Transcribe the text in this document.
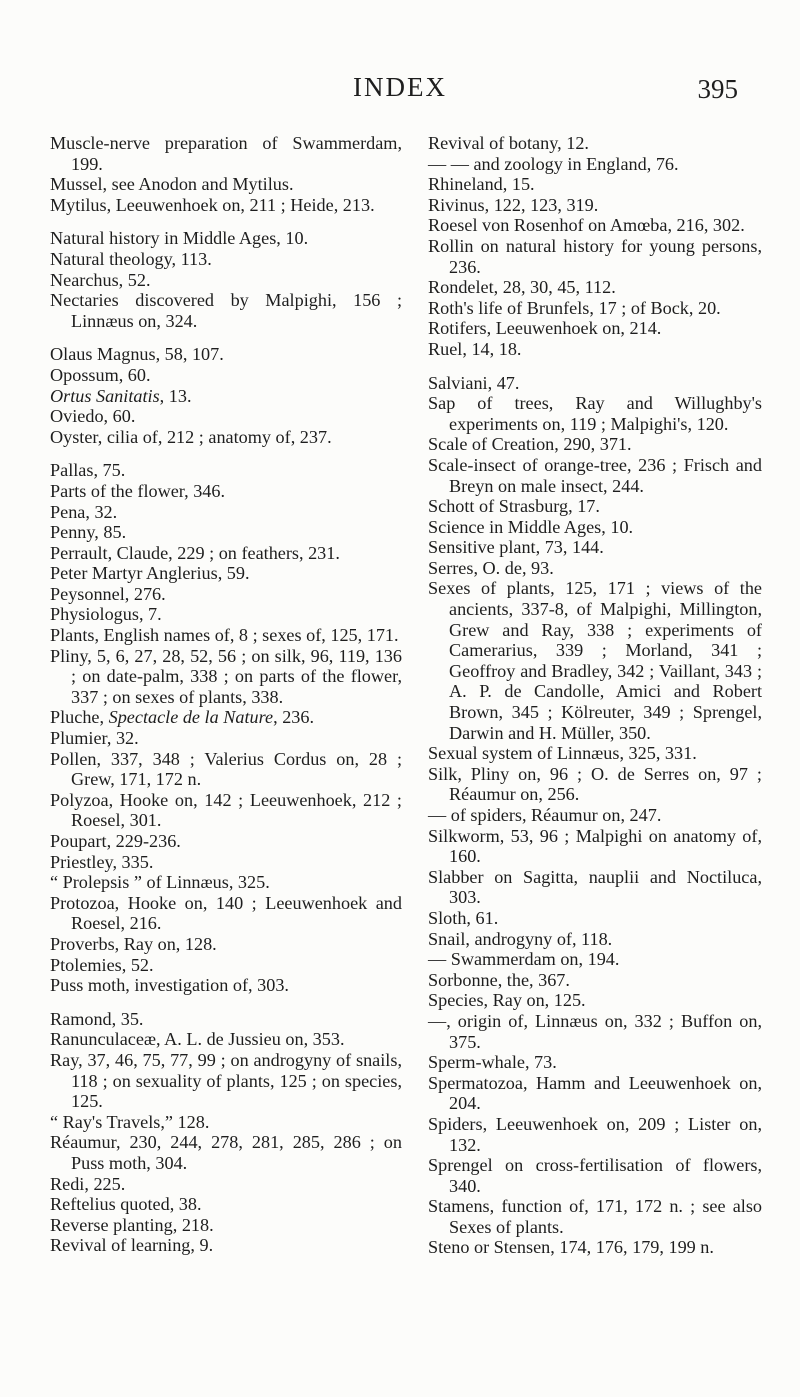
INDEX	395
Muscle-nerve preparation of Swammerdam, 199.
Mussel, see Anodon and Mytilus.
Mytilus, Leeuwenhoek on, 211 ; Heide, 213.
Natural history in Middle Ages, 10.
Natural theology, 113.
Nearchus, 52.
Nectaries discovered by Malpighi, 156 ; Linnæus on, 324.
Olaus Magnus, 58, 107.
Opossum, 60.
Ortus Sanitatis, 13.
Oviedo, 60.
Oyster, cilia of, 212 ; anatomy of, 237.
Pallas, 75.
Parts of the flower, 346.
Pena, 32.
Penny, 85.
Perrault, Claude, 229 ; on feathers, 231.
Peter Martyr Anglerius, 59.
Peysonnel, 276.
Physiologus, 7.
Plants, English names of, 8 ; sexes of, 125, 171.
Pliny, 5, 6, 27, 28, 52, 56 ; on silk, 96, 119, 136 ; on date-palm, 338 ; on parts of the flower, 337 ; on sexes of plants, 338.
Pluche, Spectacle de la Nature, 236.
Plumier, 32.
Pollen, 337, 348 ; Valerius Cordus on, 28 ; Grew, 171, 172 n.
Polyzoa, Hooke on, 142 ; Leeuwenhoek, 212 ; Roesel, 301.
Poupart, 229-236.
Priestley, 335.
“ Prolepsis ” of Linnæus, 325.
Protozoa, Hooke on, 140 ; Leeuwenhoek and Roesel, 216.
Proverbs, Ray on, 128.
Ptolemies, 52.
Puss moth, investigation of, 303.
Ramond, 35.
Ranunculaceæ, A. L. de Jussieu on, 353.
Ray, 37, 46, 75, 77, 99 ; on androgyny of snails, 118 ; on sexuality of plants, 125 ; on species, 125.
“ Ray's Travels,” 128.
Réaumur, 230, 244, 278, 281, 285, 286 ; on Puss moth, 304.
Redi, 225.
Reftelius quoted, 38.
Reverse planting, 218.
Revival of learning, 9.
Revival of botany, 12.
— — and zoology in England, 76.
Rhineland, 15.
Rivinus, 122, 123, 319.
Roesel von Rosenhof on Amœba, 216, 302.
Rollin on natural history for young persons, 236.
Rondelet, 28, 30, 45, 112.
Roth's life of Brunfels, 17 ; of Bock, 20.
Rotifers, Leeuwenhoek on, 214.
Ruel, 14, 18.
Salviani, 47.
Sap of trees, Ray and Willughby's experiments on, 119 ; Malpighi's, 120.
Scale of Creation, 290, 371.
Scale-insect of orange-tree, 236 ; Frisch and Breyn on male insect, 244.
Schott of Strasburg, 17.
Science in Middle Ages, 10.
Sensitive plant, 73, 144.
Serres, O. de, 93.
Sexes of plants, 125, 171 ; views of the ancients, 337-8, of Malpighi, Millington, Grew and Ray, 338 ; experiments of Camerarius, 339 ; Morland, 341 ; Geoffroy and Bradley, 342 ; Vaillant, 343 ; A. P. de Candolle, Amici and Robert Brown, 345 ; Kölreuter, 349 ; Sprengel, Darwin and H. Müller, 350.
Sexual system of Linnæus, 325, 331.
Silk, Pliny on, 96 ; O. de Serres on, 97 ; Réaumur on, 256.
— of spiders, Réaumur on, 247.
Silkworm, 53, 96 ; Malpighi on anatomy of, 160.
Slabber on Sagitta, nauplii and Noctiluca, 303.
Sloth, 61.
Snail, androgyny of, 118.
— Swammerdam on, 194.
Sorbonne, the, 367.
Species, Ray on, 125.
—, origin of, Linnæus on, 332 ; Buffon on, 375.
Sperm-whale, 73.
Spermatozoa, Hamm and Leeuwenhoek on, 204.
Spiders, Leeuwenhoek on, 209 ; Lister on, 132.
Sprengel on cross-fertilisation of flowers, 340.
Stamens, function of, 171, 172 n. ; see also Sexes of plants.
Steno or Stensen, 174, 176, 179, 199 n.
